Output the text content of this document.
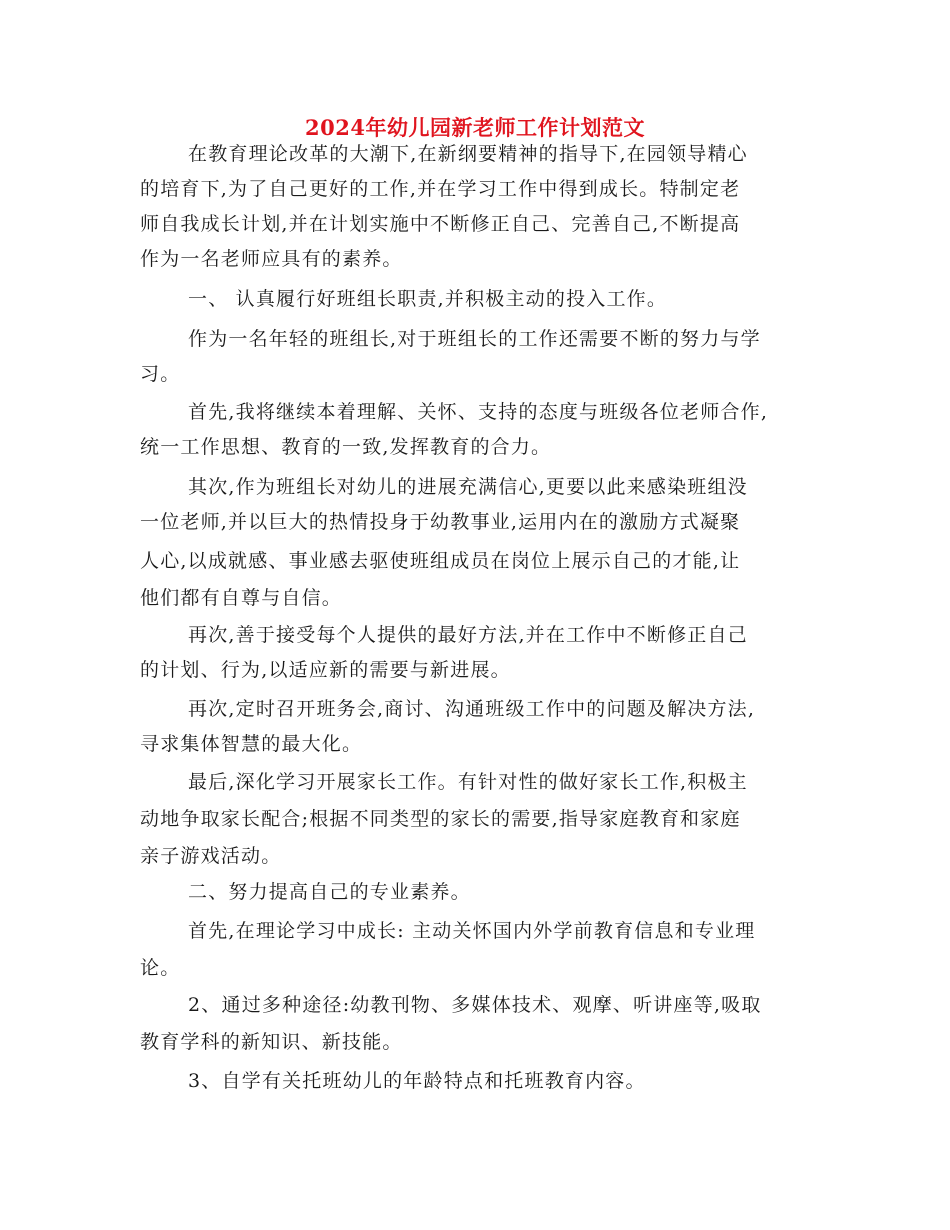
2024年幼儿园新老师工作计划范文
在教育理论改革的大潮下,在新纲要精神的指导下,在园领导精心
的培育下,为了自己更好的工作,并在学习工作中得到成长。特制定老
师自我成长计划,并在计划实施中不断修正自己、完善自己,不断提高
作为一名老师应具有的素养。
一、 认真履行好班组长职责,并积极主动的投入工作。
作为一名年轻的班组长,对于班组长的工作还需要不断的努力与学
习。
首先,我将继续本着理解、关怀、支持的态度与班级各位老师合作,
统一工作思想、教育的一致,发挥教育的合力。
其次,作为班组长对幼儿的进展充满信心,更要以此来感染班组没
一位老师,并以巨大的热情投身于幼教事业,运用内在的激励方式凝聚
人心,以成就感、事业感去驱使班组成员在岗位上展示自己的才能,让
他们都有自尊与自信。
再次,善于接受每个人提供的最好方法,并在工作中不断修正自己
的计划、行为,以适应新的需要与新进展。
再次,定时召开班务会,商讨、沟通班级工作中的问题及解决方法,
寻求集体智慧的最大化。
最后,深化学习开展家长工作。有针对性的做好家长工作,积极主
动地争取家长配合;根据不同类型的家长的需要,指导家庭教育和家庭
亲子游戏活动。
二、努力提高自己的专业素养。
首先,在理论学习中成长: 主动关怀国内外学前教育信息和专业理
论。
2、通过多种途径:幼教刊物、多媒体技术、观摩、听讲座等,吸取
教育学科的新知识、新技能。
3、自学有关托班幼儿的年龄特点和托班教育内容。
